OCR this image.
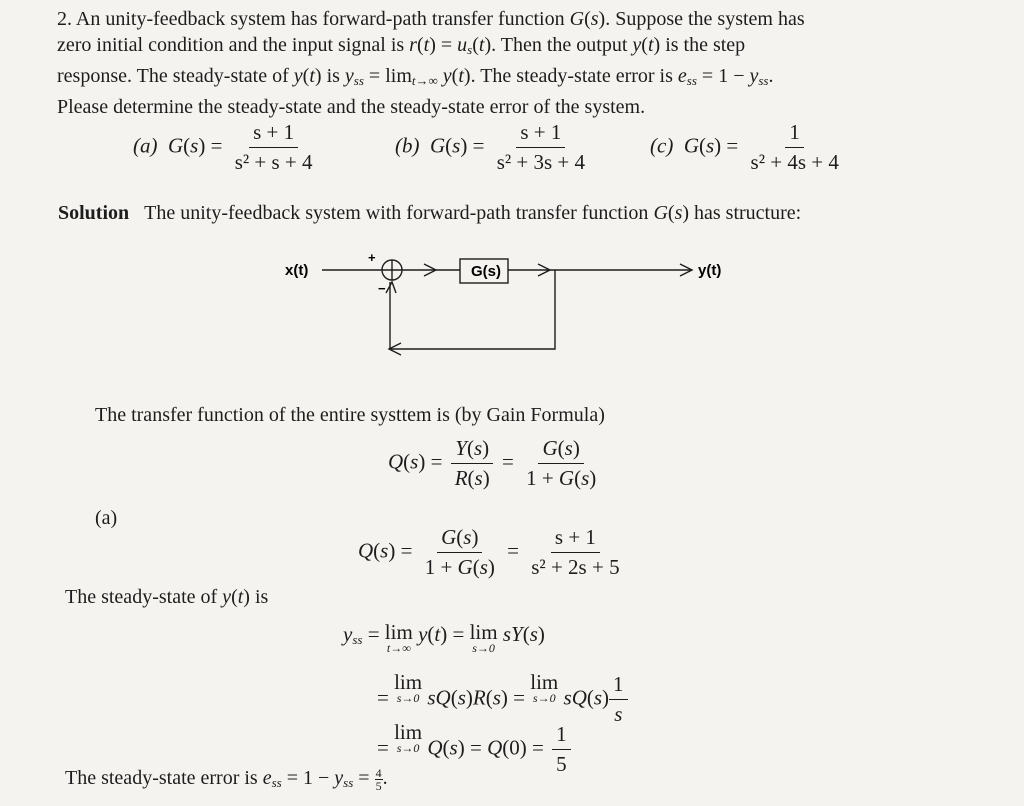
2. An unity-feedback system has forward-path transfer function G(s). Suppose the system has
zero initial condition and the input signal is $r(t) = u_s(t)$. Then the output y(t) is the step
response. The steady-state of y(t) is $y_{ss} = \lim_{t\to\infty} y(t)$. The steady-state error is $e_{ss} = 1 - y_{ss}$.
Please determine the steady-state and the steady-state error of the system.
(a) $G(s) = \frac{s + 1}{\text{s² + s + 4}}$	(b) $G(s) = \frac{s + 1}{\text{s² + 3s + 4}}$	(c) $G(s) = \frac{1}{\text{s² + 4s + 4}}$
Solution   The unity-feedback system with forward-path transfer function G(s) has structure:
x(t)	G(s)	y(t)
+
−
The transfer function of the entire systtem is (by Gain Formula)
$Q(s) = \frac{Y(s)}{R(s)} = \frac{G(s)}{1 + G(s)}$
(a)
$Q(s) = \frac{G(s)}{1 + G(s)} = \frac{s + 1}{\text{s² + 2s + 5}}$
The steady-state of y(t) is
$y_{ss} = \lim$
t→∞
y(t) = lim
s→0
sY(s)
=
lim
s→0 sQ(s)R(s) =
lim
s→0 $sQ(s) \frac{1}{s}$
=
lim
s→0 $Q(s) = Q(0) = \frac{1}{5}$
The steady-state error is $e_{ss} = 1 - y_{ss} = \frac{4}{5}$ .
